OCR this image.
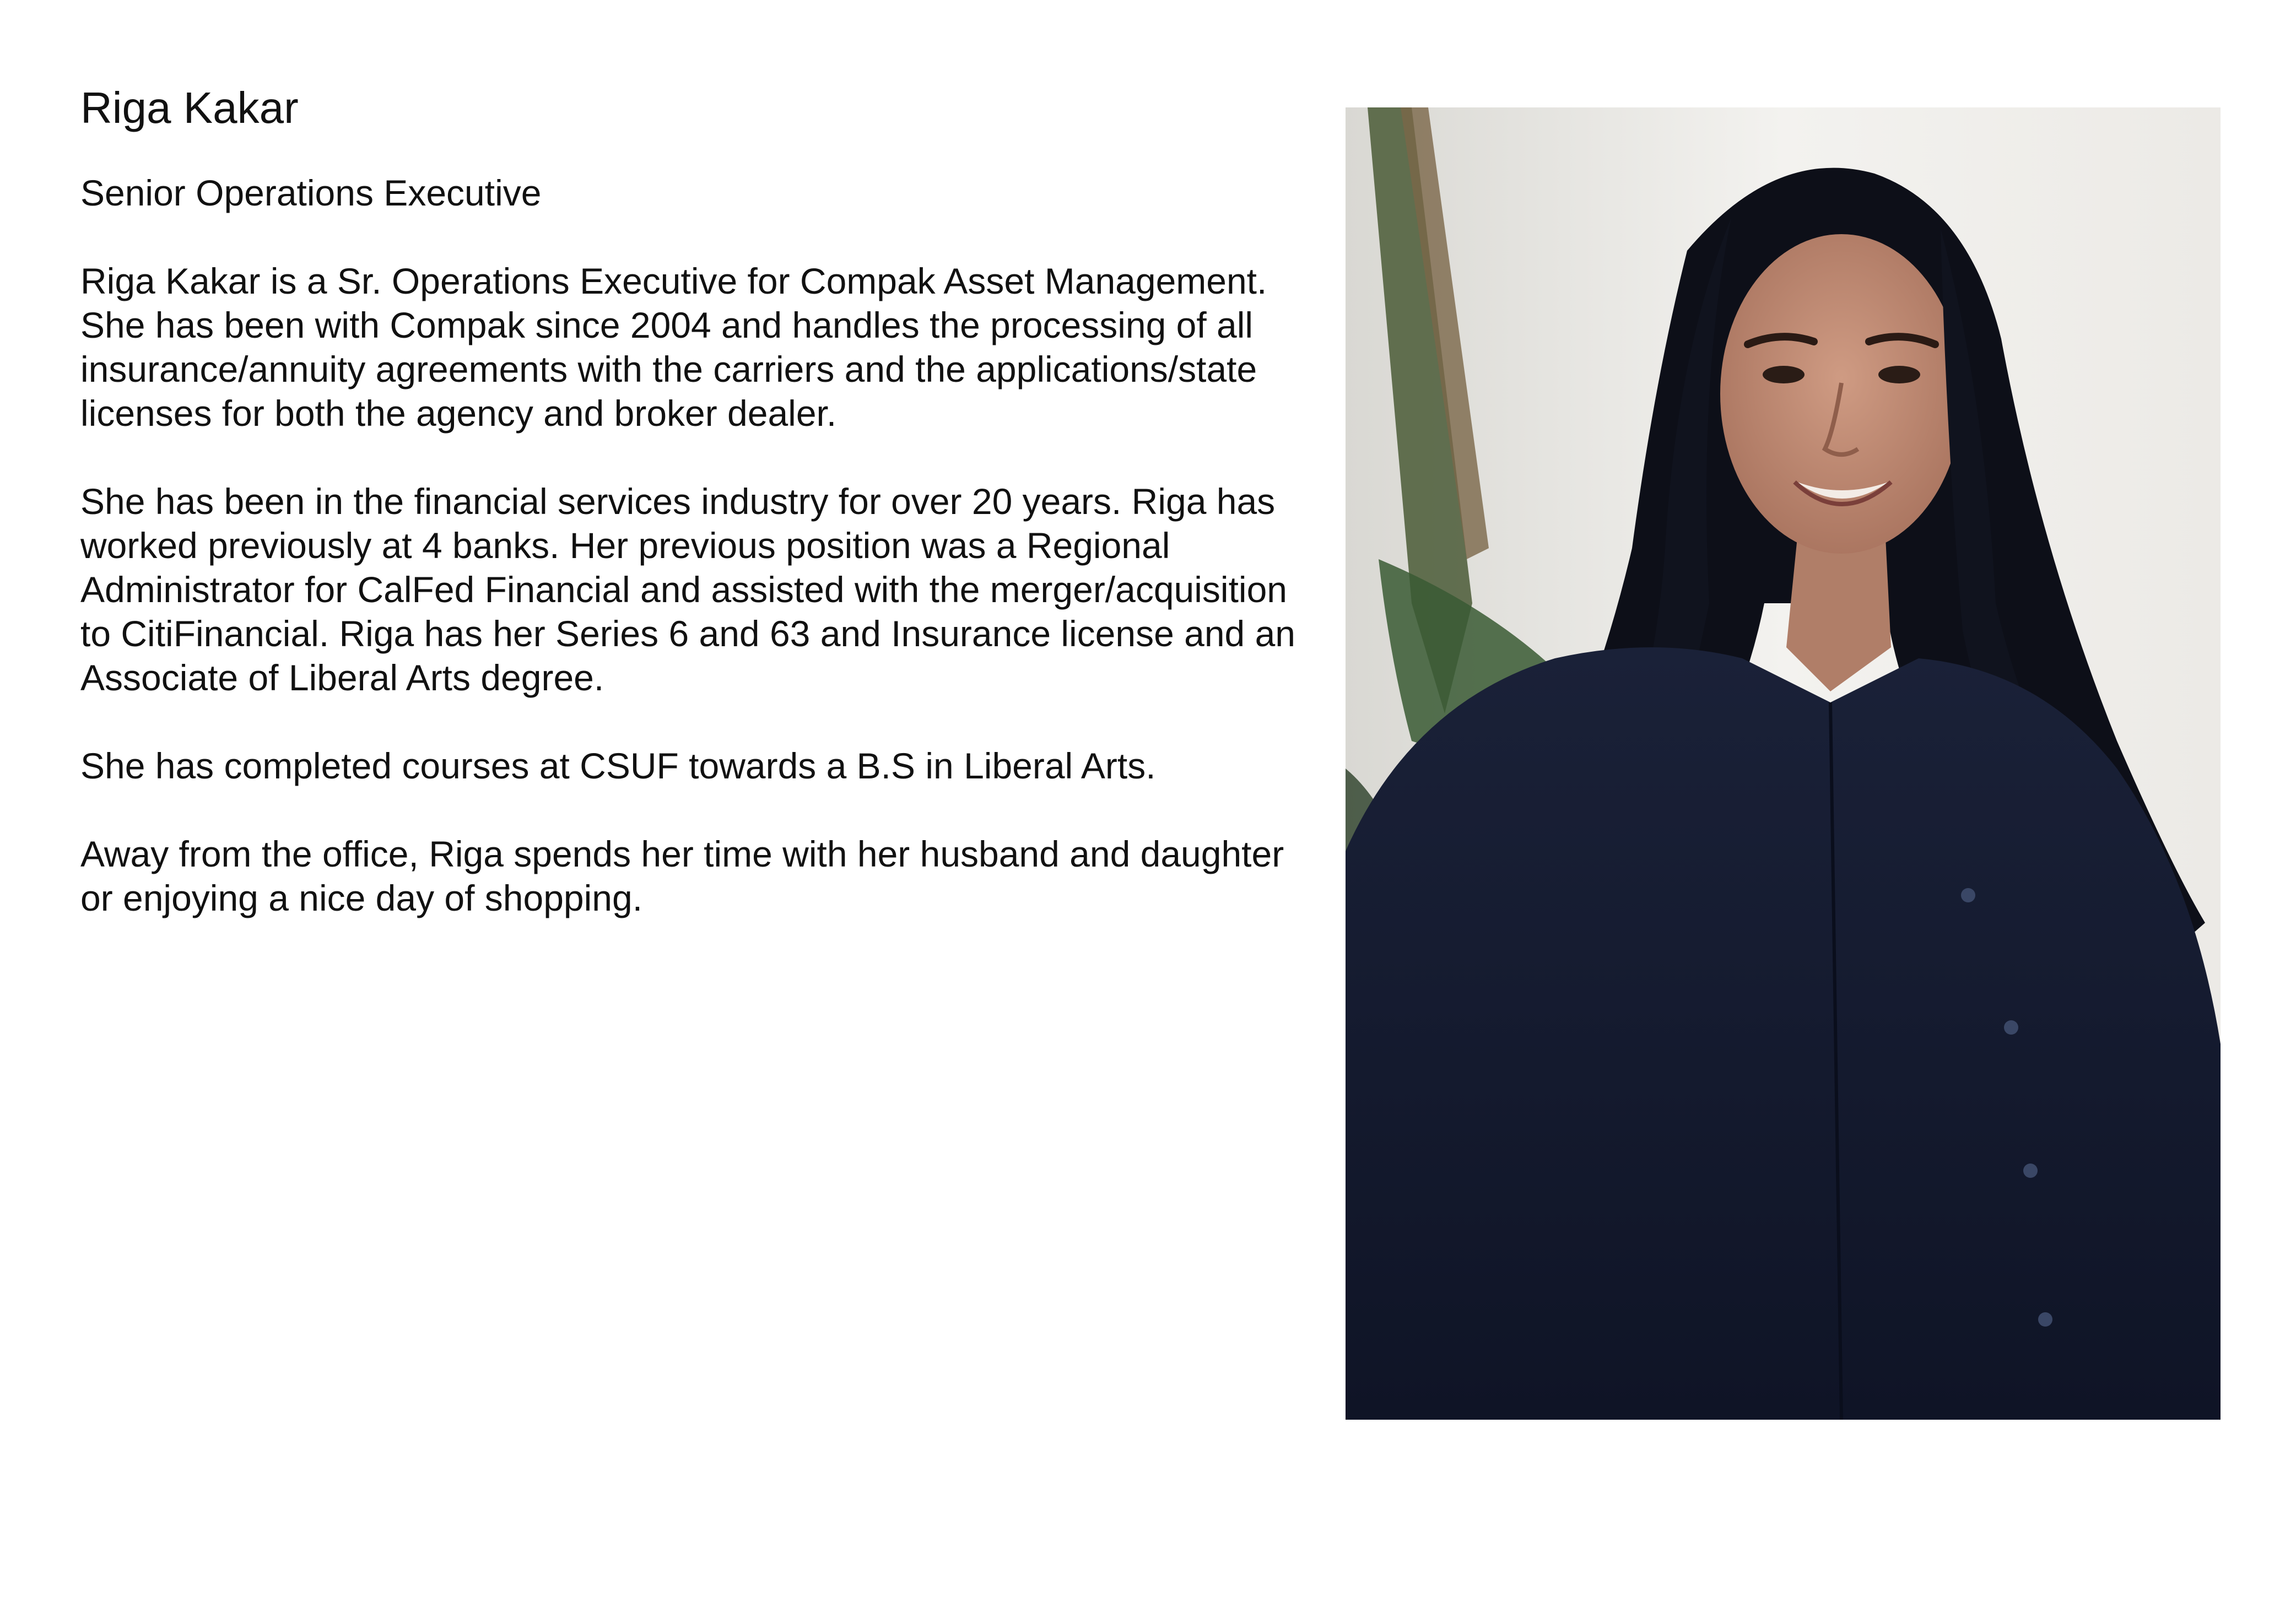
Riga Kakar
Senior Operations Executive

Riga Kakar is a Sr. Operations Executive for Compak Asset Management. She has been with Compak since 2004 and handles the processing of all insurance/annuity agreements with the carriers and the applications/state licenses for both the agency and broker dealer.

She has been in the financial services industry for over 20 years. Riga has worked previously at 4 banks. Her previous position was a Regional Administrator for CalFed Financial and assisted with the merger/acquisition to CitiFinancial. Riga has her Series 6 and 63 and Insurance license and an Associate of Liberal Arts degree.

She has completed courses at CSUF towards a B.S in Liberal Arts.

Away from the office, Riga spends her time with her husband and daughter or enjoying a nice day of shopping.
